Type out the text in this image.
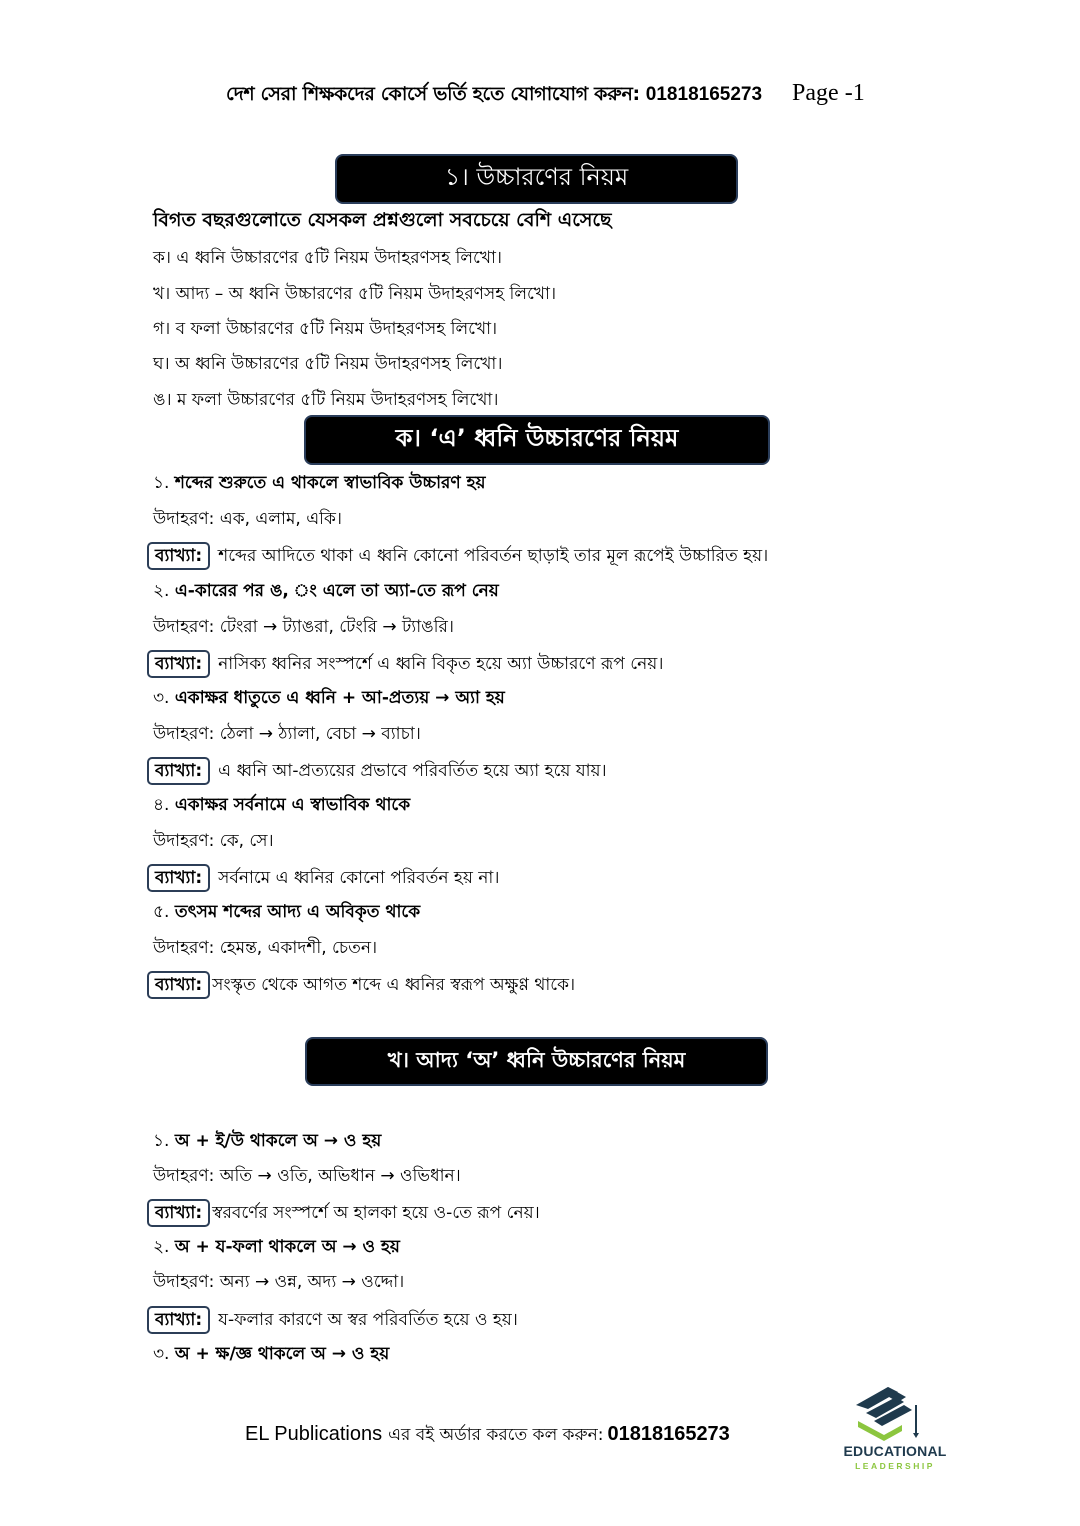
দেশ সেরা শিক্ষকদের কোর্সে ভর্তি হতে যোগাযোগ করুন: 01818165273 Page -1
১। উচ্চারণের নিয়ম
বিগত বছরগুলোতে যেসকল প্রশ্নগুলো সবচেয়ে বেশি এসেছে
ক। এ ধ্বনি উচ্চারণের ৫টি নিয়ম উদাহরণসহ লিখো।
খ। আদ্য – অ ধ্বনি উচ্চারণের ৫টি নিয়ম উদাহরণসহ লিখো।
গ। ব ফলা উচ্চারণের ৫টি নিয়ম উদাহরণসহ লিখো।
ঘ। অ ধ্বনি উচ্চারণের ৫টি নিয়ম উদাহরণসহ লিখো।
ঙ। ম ফলা উচ্চারণের ৫টি নিয়ম উদাহরণসহ লিখো।
ক। ‘এ’ ধ্বনি উচ্চারণের নিয়ম
১. শব্দের শুরুতে এ থাকলে স্বাভাবিক উচ্চারণ হয়
উদাহরণ: এক, এলাম, একি।
ব্যাখ্যা: শব্দের আদিতে থাকা এ ধ্বনি কোনো পরিবর্তন ছাড়াই তার মূল রূপেই উচ্চারিত হয়।
২. এ-কারের পর ঙ, ং এলে তা অ্যা-তে রূপ নেয়
উদাহরণ: টেংরা → ট্যাঙরা, টেংরি → ট্যাঙরি।
ব্যাখ্যা: নাসিক্য ধ্বনির সংস্পর্শে এ ধ্বনি বিকৃত হয়ে অ্যা উচ্চারণে রূপ নেয়।
৩. একাক্ষর ধাতুতে এ ধ্বনি + আ-প্রত্যয় → অ্যা হয়
উদাহরণ: ঠেলা → ঠ্যালা, বেচা → ব্যাচা।
ব্যাখ্যা: এ ধ্বনি আ-প্রত্যয়ের প্রভাবে পরিবর্তিত হয়ে অ্যা হয়ে যায়।
৪. একাক্ষর সর্বনামে এ স্বাভাবিক থাকে
উদাহরণ: কে, সে।
ব্যাখ্যা: সর্বনামে এ ধ্বনির কোনো পরিবর্তন হয় না।
৫. তৎসম শব্দের আদ্য এ অবিকৃত থাকে
উদাহরণ: হেমন্ত, একাদশী, চেতন।
ব্যাখ্যা: সংস্কৃত থেকে আগত শব্দে এ ধ্বনির স্বরূপ অক্ষুণ্ণ থাকে।
খ। আদ্য ‘অ’ ধ্বনি উচ্চারণের নিয়ম
১. অ + ই/উ থাকলে অ → ও হয়
উদাহরণ: অতি → ওতি, অভিধান → ওভিধান।
ব্যাখ্যা: স্বরবর্ণের সংস্পর্শে অ হালকা হয়ে ও-তে রূপ নেয়।
২. অ + য-ফলা থাকলে অ → ও হয়
উদাহরণ: অন্য → ওন্ন, অদ্য → ওদ্দো।
ব্যাখ্যা: য-ফলার কারণে অ স্বর পরিবর্তিত হয়ে ও হয়।
৩. অ + ক্ষ/জ্ঞ থাকলে অ → ও হয়
EL Publications এর বই অর্ডার করতে কল করুন: 01818165273
EDUCATIONAL
LEADERSHIP
